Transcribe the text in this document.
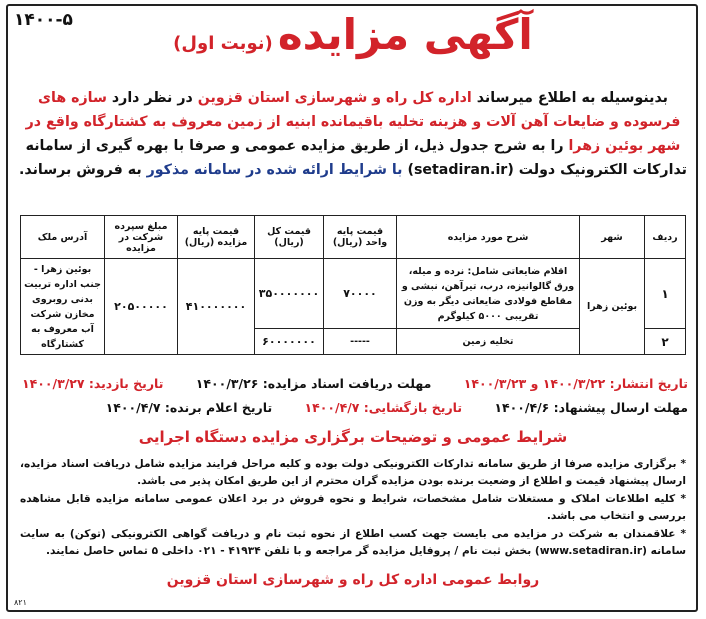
۱۴۰۰-۵	آگهی مزایده (نوبت اول)
بدینوسیله به اطلاع میرساند اداره کل راه و شهرسازی استان قزوین در نظر دارد سازه های فرسوده و ضایعات آهن آلات و هزینه تخلیه باقیمانده ابنیه از زمین معروف به کشتارگاه واقع در شهر بوئین زهرا را به شرح جدول ذیل، از طریق مزایده عمومی و صرفا با بهره گیری از سامانه تدارکات الکترونیک دولت (setadiran.ir) با شرایط ارائه شده در سامانه مذکور به فروش برساند.
ردیف	شهر	شرح مورد مزایده	قیمت پایه واحد (ریال)	قیمت کل (ریال)	قیمت پایه مزایده (ریال)	مبلغ سپرده شرکت در مزایده	آدرس ملک
۱	بوئین زهرا	اقلام ضایعاتی شامل: نرده و میله، ورق گالوانیزه، درب، تیرآهن، نبشی و مقاطع فولادی ضایعاتی دیگر به وزن تقریبی ۵۰۰۰ کیلوگرم	۷۰۰۰۰	۳۵۰۰۰۰۰۰۰	۴۱۰۰۰۰۰۰۰	۲۰۵۰۰۰۰۰	بوئین زهرا - جنب اداره تربیت بدنی روبروی مخازن شرکت آب معروف به کشتارگاه
۲		تخلیه زمین	-----	۶۰۰۰۰۰۰۰			
تاریخ انتشار: ۱۴۰۰/۳/۲۲ و ۱۴۰۰/۳/۲۳ مهلت دریافت اسناد مزایده: ۱۴۰۰/۳/۲۶ تاریخ بازدید: ۱۴۰۰/۳/۲۷
مهلت ارسال پیشنهاد: ۱۴۰۰/۴/۶ تاریخ بازگشایی: ۱۴۰۰/۴/۷ تاریخ اعلام برنده: ۱۴۰۰/۴/۷
شرایط عمومی و توضیحات برگزاری مزایده دستگاه اجرایی

* برگزاری مزایده صرفا از طریق سامانه تدارکات الکترونیکی دولت بوده و کلیه مراحل فرایند مزایده شامل دریافت اسناد مزایده، ارسال پیشنهاد قیمت و اطلاع از وضعیت برنده بودن مزایده گران محترم از این طریق امکان پذیر می باشد.

* کلیه اطلاعات املاک و مستغلات شامل مشخصات، شرایط و نحوه فروش در برد اعلان عمومی سامانه مزایده قابل مشاهده بررسی و انتخاب می باشد.

* علاقمندان به شرکت در مزایده می بایست جهت کسب اطلاع از نحوه ثبت نام و دریافت گواهی الکترونیکی (توکن) به سایت سامانه (www.setadiran.ir) بخش ثبت نام / پروفایل مزایده گر مراجعه و با تلفن ۴۱۹۳۴ - ۰۲۱ داخلی ۵ تماس حاصل نمایند.

روابط عمومی اداره کل راه و شهرسازی استان قزوین
۸۲۱
